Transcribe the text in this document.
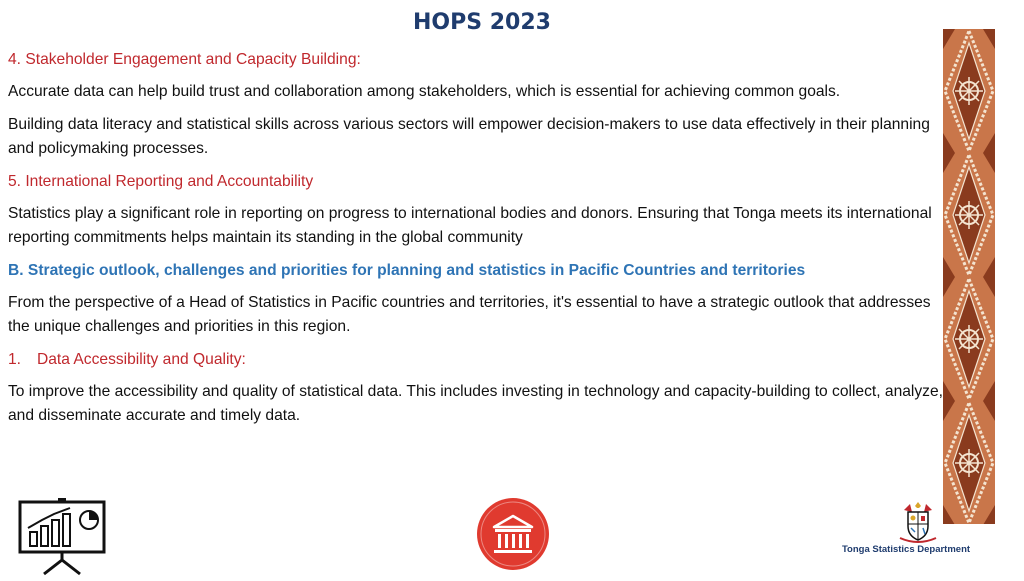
HOPS 2023

4. Stakeholder Engagement and Capacity Building:

Accurate data can help build trust and collaboration among stakeholders, which is essential for achieving common goals.

Building data literacy and statistical skills across various sectors will empower decision-makers to use data effectively in their planning and policymaking processes.

5. International Reporting and Accountability

Statistics play a significant role in reporting on progress to international bodies and donors. Ensuring that Tonga meets its international reporting commitments helps maintain its standing in the global community

B. Strategic outlook, challenges and priorities for planning and statistics in Pacific Countries and territories

From the perspective of a Head of Statistics in Pacific countries and territories, it's essential to have a strategic outlook that addresses the unique challenges and priorities in this region.

1. Data Accessibility and Quality:

To improve the accessibility and quality of statistical data. This includes investing in technology and capacity-building to collect, analyze, and disseminate accurate and timely data.

Tonga Statistics Department
